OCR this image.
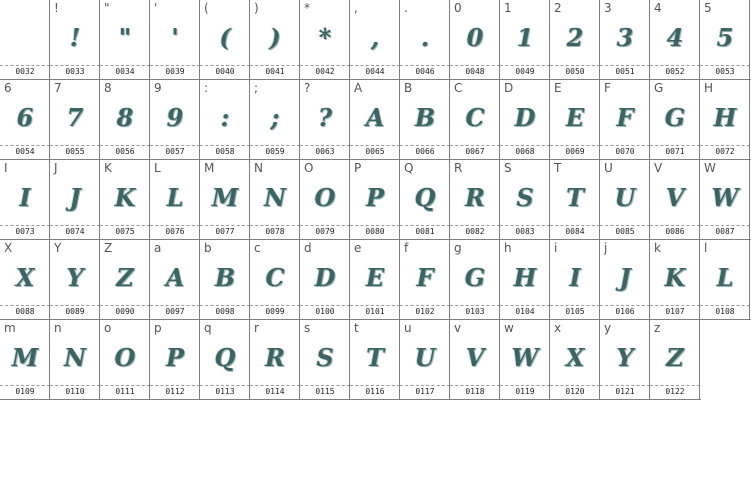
0032
!
!
0033
"
"
0034
'
'
0039
(
(
0040
)
)
0041
*
*
0042
,
,
0044
.
.
0046
0
0
0048
1
1
0049
2
2
0050
3
3
0051
4
4
0052
5
5
0053
6
6
0054
7
7
0055
8
8
0056
9
9
0057
:
:
0058
;
;
0059
?
?
0063
A
A
0065
B
B
0066
C
C
0067
D
D
0068
E
E
0069
F
F
0070
G
G
0071
H
H
0072
I
I
0073
J
J
0074
K
K
0075
L
L
0076
M
M
0077
N
N
0078
O
O
0079
P
P
0080
Q
Q
0081
R
R
0082
S
S
0083
T
T
0084
U
U
0085
V
V
0086
W
W
0087
X
X
0088
Y
Y
0089
Z
Z
0090
a
A
0097
b
B
0098
c
C
0099
d
D
0100
e
E
0101
f
F
0102
g
G
0103
h
H
0104
i
I
0105
j
J
0106
k
K
0107
l
L
0108
m
M
0109
n
N
0110
o
O
0111
p
P
0112
q
Q
0113
r
R
0114
s
S
0115
t
T
0116
u
U
0117
v
V
0118
w
W
0119
x
X
0120
y
Y
0121
z
Z
0122
